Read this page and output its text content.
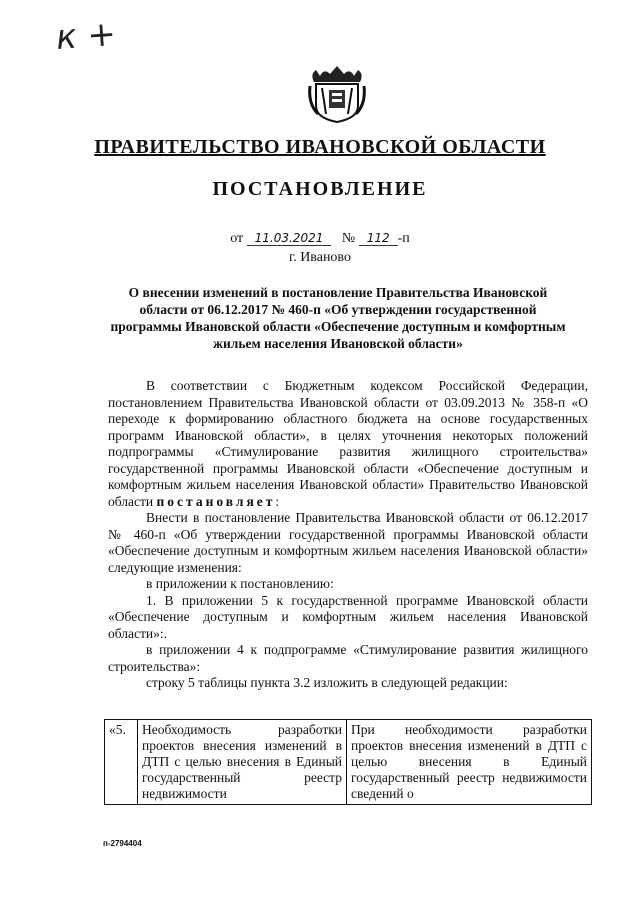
к +
ПРАВИТЕЛЬСТВО ИВАНОВСКОЙ ОБЛАСТИ
ПОСТАНОВЛЕНИЕ
от 11.03.2021 № 112 -п
г. Иваново
О внесении изменений в постановление Правительства Ивановской области от 06.12.2017 № 460-п «Об утверждении государственной программы Ивановской области «Обеспечение доступным и комфортным жильем населения Ивановской области»

В соответствии с Бюджетным кодексом Российской Федерации, постановлением Правительства Ивановской области от 03.09.2013 № 358-п «О переходе к формированию областного бюджета на основе государственных программ Ивановской области», в целях уточнения некоторых положений подпрограммы «Стимулирование развития жилищного строительства» государственной программы Ивановской области «Обеспечение доступным и комфортным жильем населения Ивановской области» Правительство Ивановской области постановляет:

Внести в постановление Правительства Ивановской области от 06.12.2017 № 460-п «Об утверждении государственной программы Ивановской области «Обеспечение доступным и комфортным жильем населения Ивановской области» следующие изменения:

в приложении к постановлению:

1. В приложении 5 к государственной программе Ивановской области «Обеспечение доступным и комфортным жильем населения Ивановской области»:.

в приложении 4 к подпрограмме «Стимулирование развития жилищного строительства»:

строку 5 таблицы пункта 3.2 изложить в следующей редакции:

«5.	Необходимость разработки проектов внесения изменений в ДТП с целью внесения в Единый государственный реестр недвижимости	При необходимости разработки проектов внесения изменений в ДТП с целью внесения в Единый государственный реестр недвижимости сведений о
п-2794404
